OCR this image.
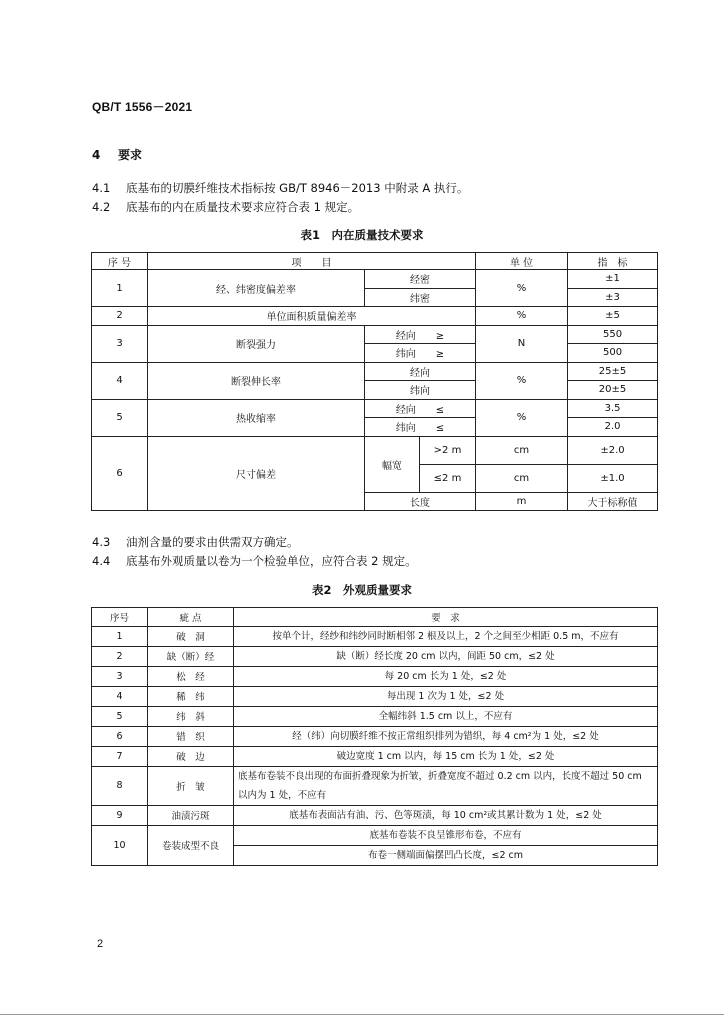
QB/T 1556－2021
4 要求
4.1 底基布的切膜纤维技术指标按 GB/T 8946－2013 中附录 A 执行。
4.2 底基布的内在质量技术要求应符合表 1 规定。
表1　内在质量技术要求
序 号	项　　目			单 位	指　标
1	经、纬密度偏差率	经密		%	±1
		纬密			±3
2	单位面积质量偏差率			%	±5
3	断裂强力	经向　　≥		N	550
		纬向　　≥			500
4	断裂伸长率	经向		%	25±5
		纬向			20±5
5	热收缩率	经向　　≤		%	3.5
		纬向　　≤			2.0
6	尺寸偏差	幅宽	>2 m	cm	±2.0
			≤2 m	cm	±1.0
		长度		m	大于标称值
4.3 油剂含量的要求由供需双方确定。
4.4 底基布外观质量以卷为一个检验单位，应符合表 2 规定。
表2　外观质量要求
序号	疵 点	要　求
1	破　洞	按单个计，经纱和纬纱同时断相邻 2 根及以上，2 个之间至少相距 0.5 m，不应有
2	缺（断）经	缺（断）经长度 20 cm 以内，间距 50 cm，≤2 处
3	松　经	每 20 cm 长为 1 处，≤2 处
4	稀　纬	每出现 1 次为 1 处，≤2 处
5	纬　斜	全幅纬斜 1.5 cm 以上，不应有
6	错　织	经（纬）向切膜纤维不按正常组织排列为错织，每 4 cm²为 1 处，≤2 处
7	破　边	破边宽度 1 cm 以内，每 15 cm 长为 1 处，≤2 处
8	折　皱	底基布卷装不良出现的布面折叠现象为折皱，折叠宽度不超过 0.2 cm 以内，长度不超过 50 cm 以内为 1 处，不应有
9	油渍污斑	底基布表面沾有油、污、色等斑渍，每 10 cm²或其累计数为 1 处，≤2 处
10	卷装成型不良	底基布卷装不良呈锥形布卷，不应有
		布卷一侧端面偏摆凹凸长度，≤2 cm
2
